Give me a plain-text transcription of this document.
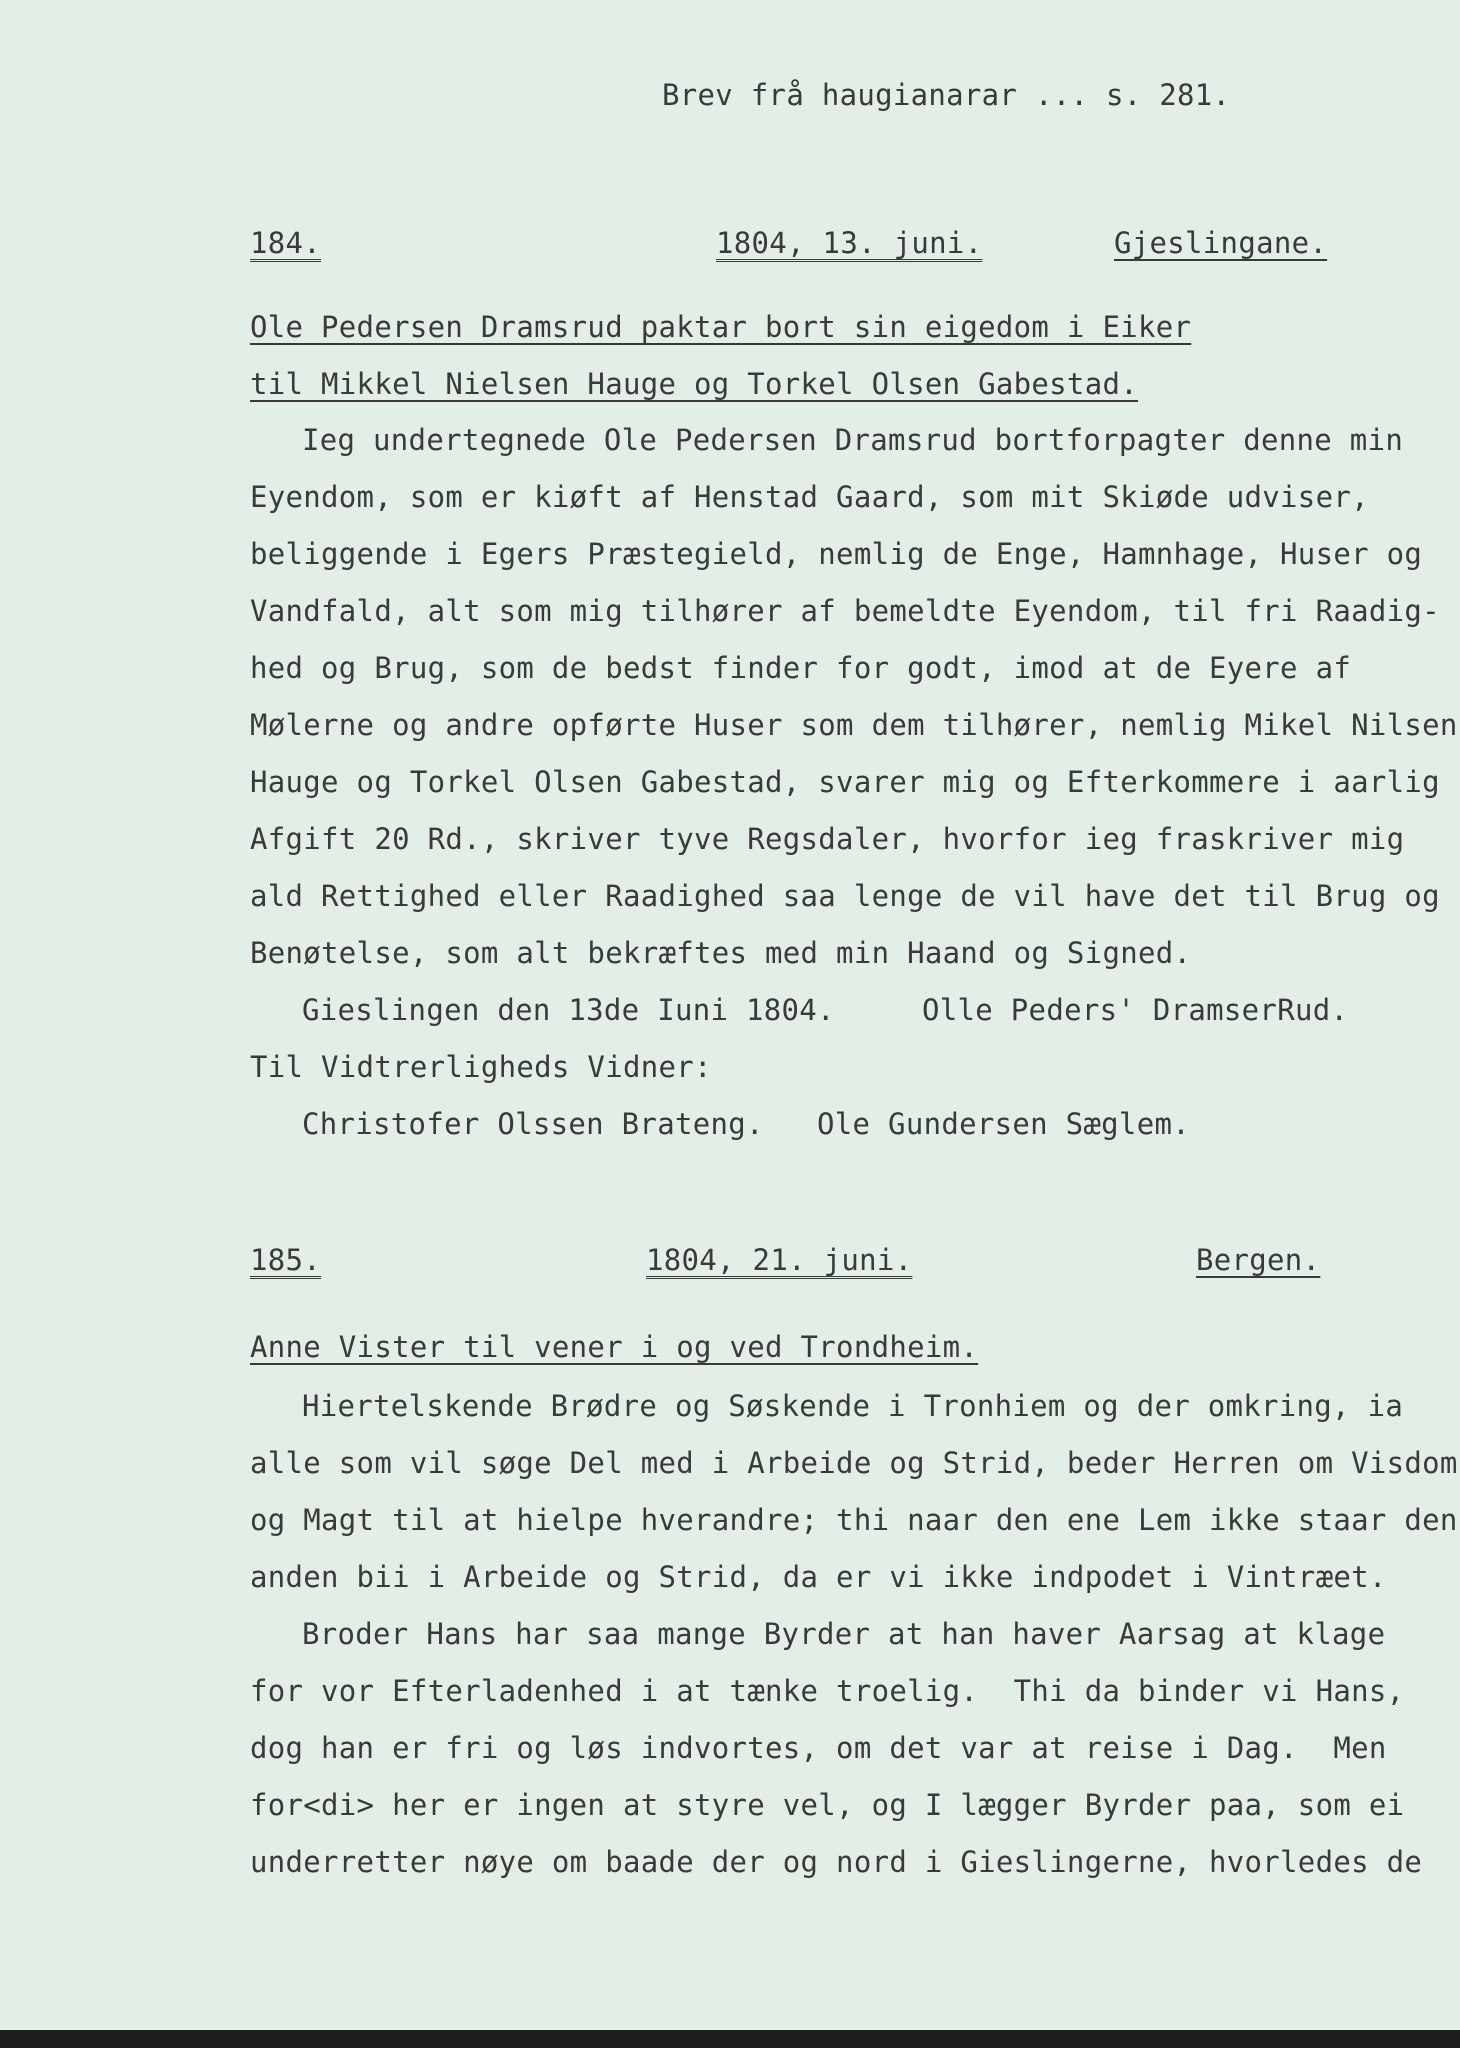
Brev frå haugianarar ... s. 281.
184.	1804, 13. juni.	Gjeslingane.
Ole Pedersen Dramsrud paktar bort sin eigedom i Eiker
til Mikkel Nielsen Hauge og Torkel Olsen Gabestad.
Ieg undertegnede Ole Pedersen Dramsrud bortforpagter denne min
Eyendom, som er kiøft af Henstad Gaard, som mit Skiøde udviser,
beliggende i Egers Præstegield, nemlig de Enge, Hamnhage, Huser og
Vandfald, alt som mig tilhører af bemeldte Eyendom, til fri Raadig-
hed og Brug, som de bedst finder for godt, imod at de Eyere af
Mølerne og andre opførte Huser som dem tilhører, nemlig Mikel Nilsen
Hauge og Torkel Olsen Gabestad, svarer mig og Efterkommere i aarlig
Afgift 20 Rd., skriver tyve Regsdaler, hvorfor ieg fraskriver mig
ald Rettighed eller Raadighed saa lenge de vil have det til Brug og
Benøtelse, som alt bekræftes med min Haand og Signed.
Gieslingen den 13de Iuni 1804.	Olle Peders' DramserRud.
Til Vidtrerligheds Vidner:
Christofer Olssen Brateng.   Ole Gundersen Sæglem.
185.	1804, 21. juni.	Bergen.
Anne Vister til vener i og ved Trondheim.
Hiertelskende Brødre og Søskende i Tronhiem og der omkring, ia
alle som vil søge Del med i Arbeide og Strid, beder Herren om Visdom
og Magt til at hielpe hverandre; thi naar den ene Lem ikke staar den
anden bii i Arbeide og Strid, da er vi ikke indpodet i Vintræet.
Broder Hans har saa mange Byrder at han haver Aarsag at klage
for vor Efterladenhed i at tænke troelig.  Thi da binder vi Hans,
dog han er fri og løs indvortes, om det var at reise i Dag.  Men
for<di> her er ingen at styre vel, og I lægger Byrder paa, som ei
underretter nøye om baade der og nord i Gieslingerne, hvorledes de
